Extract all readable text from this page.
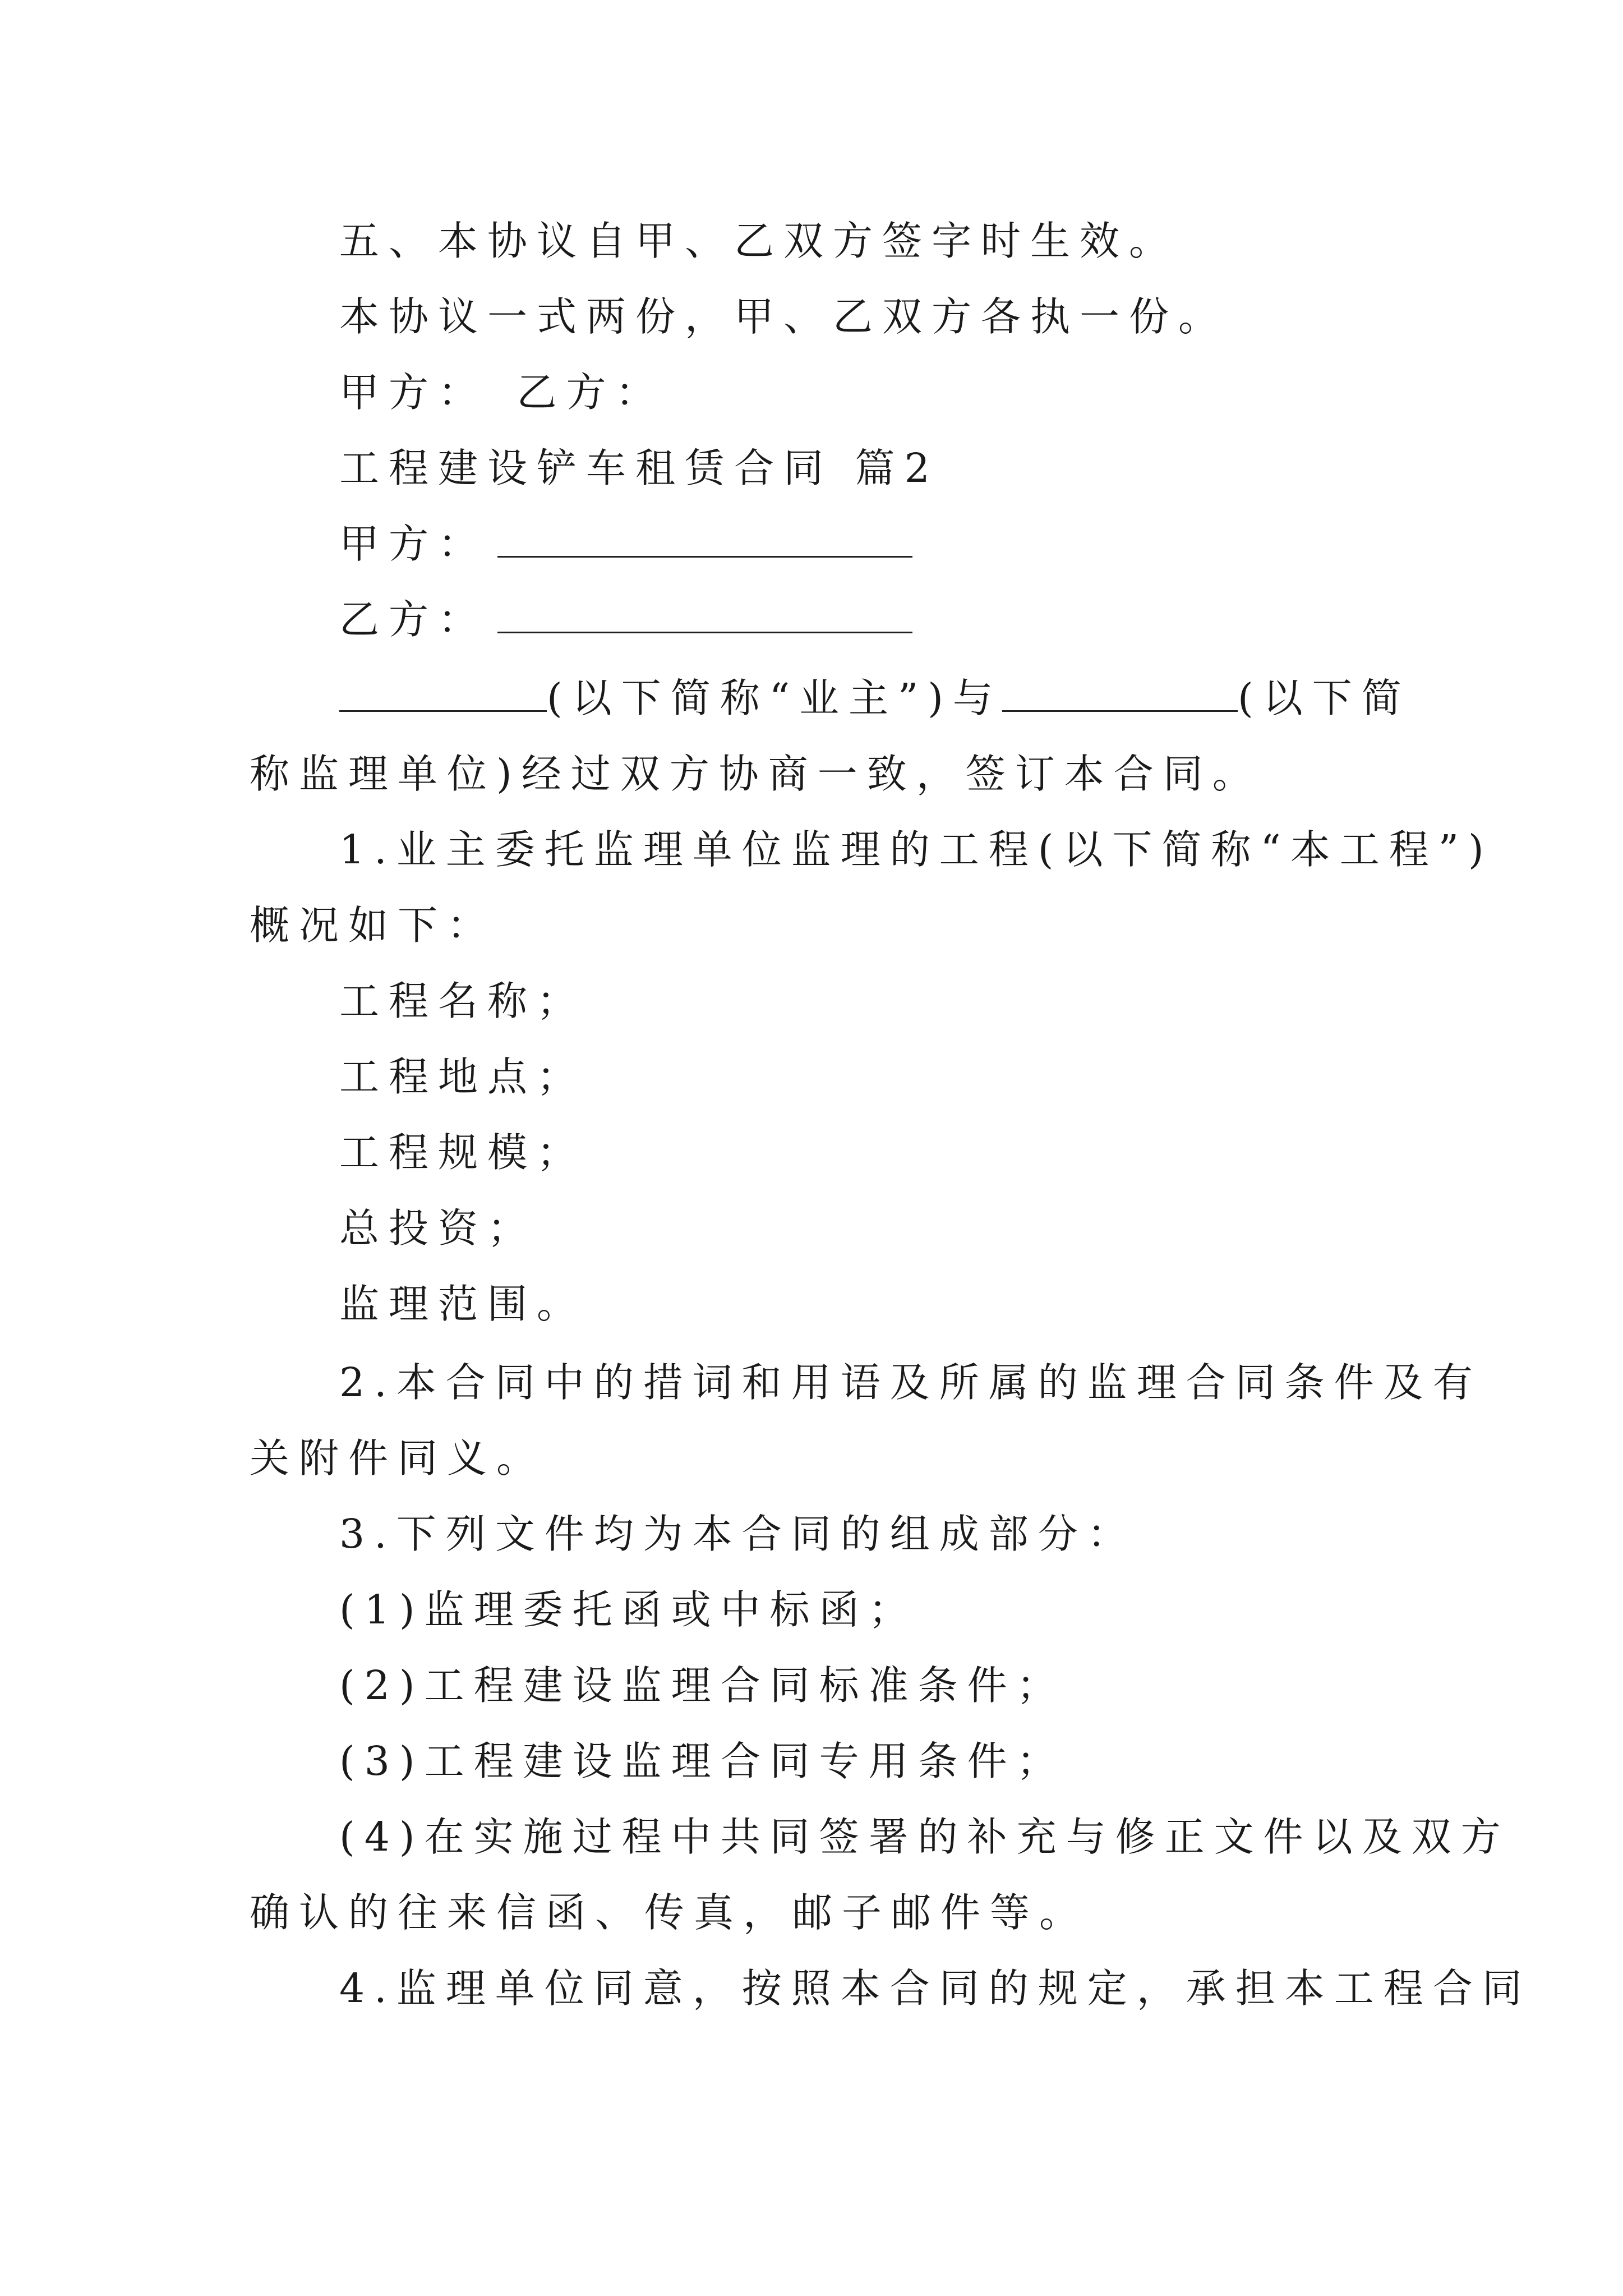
五、本协议自甲、乙双方签字时生效。
本协议一式两份，甲、乙双方各执一份。
甲方：　乙方：
工程建设铲车租赁合同 篇2
甲方：
乙方：
(以下简称“业主”)与	(以下简
称监理单位)经过双方协商一致，签订本合同。
1.业主委托监理单位监理的工程(以下简称“本工程”)
概况如下：
工程名称；
工程地点；
工程规模；
总投资；
监理范围。
2.本合同中的措词和用语及所属的监理合同条件及有
关附件同义。
3.下列文件均为本合同的组成部分：
(1)监理委托函或中标函；
(2)工程建设监理合同标准条件；
(3)工程建设监理合同专用条件；
(4)在实施过程中共同签署的补充与修正文件以及双方
确认的往来信函、传真，邮子邮件等。
4.监理单位同意，按照本合同的规定，承担本工程合同
